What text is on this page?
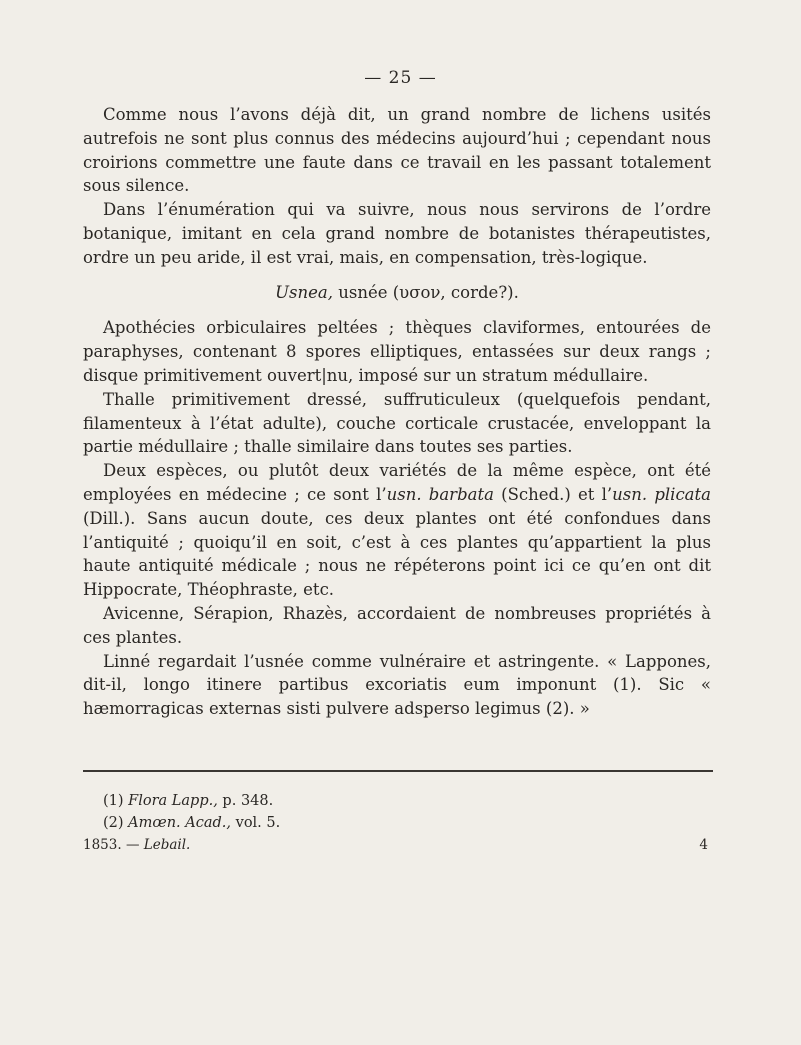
— 25 —

Comme nous l’avons déjà dit, un grand nombre de lichens usités autrefois ne sont plus connus des médecins aujourd’hui ; cependant nous croirions commettre une faute dans ce travail en les passant totalement sous silence.

Dans l’énumération qui va suivre, nous nous servirons de l’ordre botanique, imitant en cela grand nombre de botanistes thérapeutistes, ordre un peu aride, il est vrai, mais, en compensation, très-logique.

Usnea, usnée (υσον, corde?).

Apothécies orbiculaires peltées ; thèques claviformes, entourées de paraphyses, contenant 8 spores elliptiques, entassées sur deux rangs ; disque primitivement ouvert|nu, imposé sur un stratum médullaire.

Thalle primitivement dressé, suffruticuleux (quelquefois pendant, filamenteux à l’état adulte), couche corticale crustacée, enveloppant la partie médullaire ; thalle similaire dans toutes ses parties.

Deux espèces, ou plutôt deux variétés de la même espèce, ont été employées en médecine ; ce sont l’usn. barbata (Sched.) et l’usn. plicata (Dill.). Sans aucun doute, ces deux plantes ont été confondues dans l’antiquité ; quoiqu’il en soit, c’est à ces plantes qu’appartient la plus haute antiquité médicale ; nous ne répéterons point ici ce qu’en ont dit Hippocrate, Théophraste, etc.

Avicenne, Sérapion, Rhazès, accordaient de nombreuses propriétés à ces plantes.

Linné regardait l’usnée comme vulnéraire et astringente. « Lappones, dit-il, longo itinere partibus excoriatis eum imponunt (1). Sic « hæmorragicas externas sisti pulvere adsperso legimus (2). »

(1) Flora Lapp., p. 348.
(2) Amœn. Acad., vol. 5.
1853. — Lebail.	4
